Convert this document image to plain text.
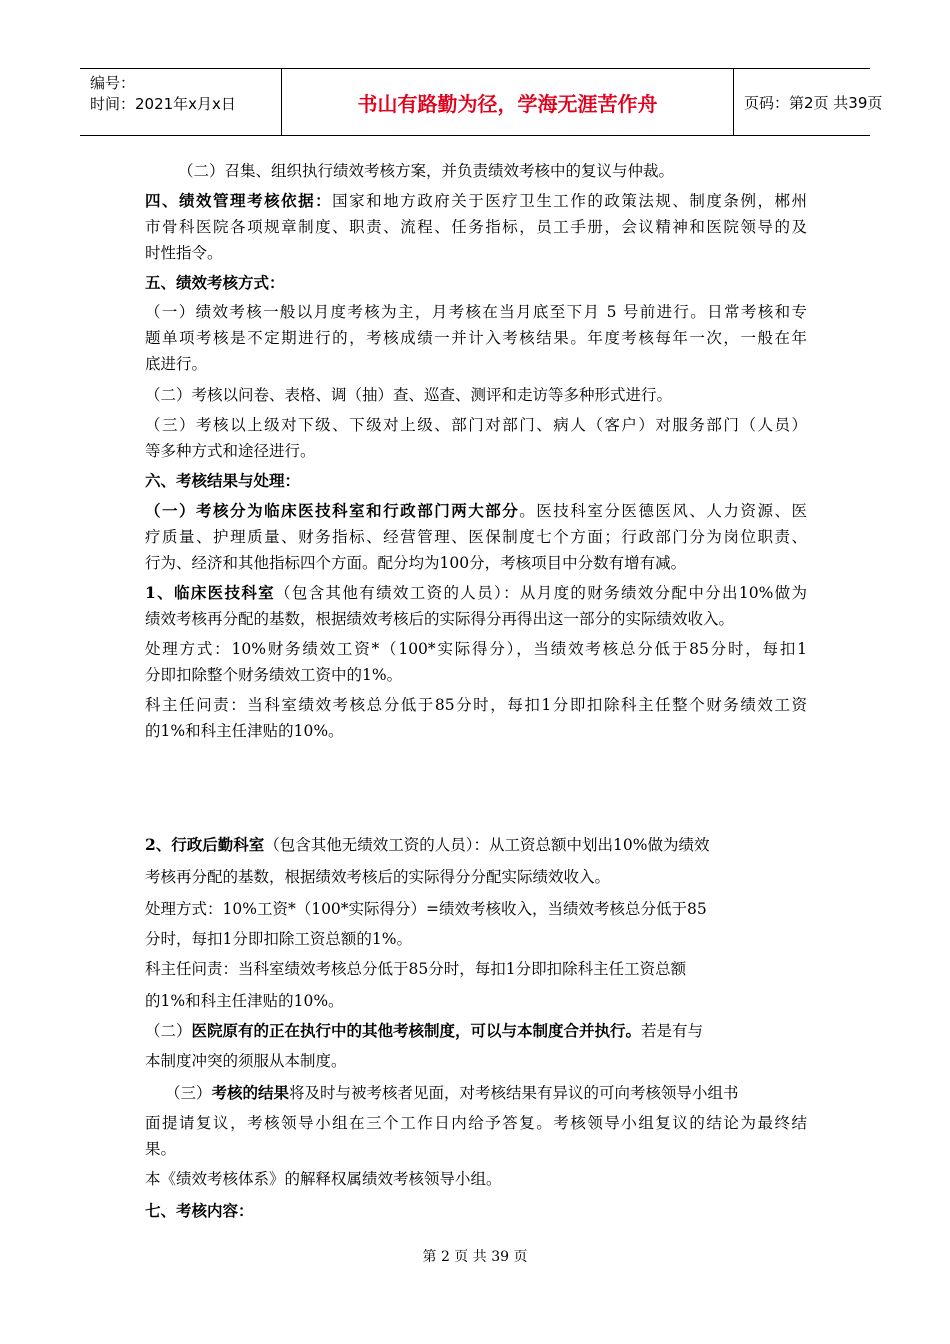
编号：
时间：2021年x月x日	书山有路勤为径，学海无涯苦作舟	页码：第2页 共39页
（二）召集、组织执行绩效考核方案，并负责绩效考核中的复议与仲裁。
四、绩效管理考核依据：国家和地方政府关于医疗卫生工作的政策法规、制度条例，郴州
市骨科医院各项规章制度、职责、流程、任务指标，员工手册，会议精神和医院领导的及
时性指令。
五、绩效考核方式：
（一）绩效考核一般以月度考核为主，月考核在当月底至下月 5 号前进行。日常考核和专
题单项考核是不定期进行的，考核成绩一并计入考核结果。年度考核每年一次，一般在年
底进行。
（二）考核以问卷、表格、调（抽）查、巡查、测评和走访等多种形式进行。
（三）考核以上级对下级、下级对上级、部门对部门、病人（客户）对服务部门（人员）
等多种方式和途径进行。
六、考核结果与处理：
（一）考核分为临床医技科室和行政部门两大部分。医技科室分医德医风、人力资源、医
疗质量、护理质量、财务指标、经营管理、医保制度七个方面；行政部门分为岗位职责、
行为、经济和其他指标四个方面。配分均为100分，考核项目中分数有增有减。
1、临床医技科室（包含其他有绩效工资的人员）：从月度的财务绩效分配中分出10%做为
绩效考核再分配的基数，根据绩效考核后的实际得分再得出这一部分的实际绩效收入。
处理方式：10%财务绩效工资*（100*实际得分），当绩效考核总分低于85分时，每扣1
分即扣除整个财务绩效工资中的1%。
科主任问责：当科室绩效考核总分低于85分时，每扣1分即扣除科主任整个财务绩效工资
的1%和科主任津贴的10%。
2、行政后勤科室（包含其他无绩效工资的人员）：从工资总额中划出10%做为绩效
考核再分配的基数，根据绩效考核后的实际得分分配实际绩效收入。
处理方式：10%工资*（100*实际得分）=绩效考核收入，当绩效考核总分低于85
分时，每扣1分即扣除工资总额的1%。
科主任问责：当科室绩效考核总分低于85分时，每扣1分即扣除科主任工资总额
的1%和科主任津贴的10%。
（二）医院原有的正在执行中的其他考核制度，可以与本制度合并执行。若是有与
本制度冲突的须服从本制度。
（三）考核的结果将及时与被考核者见面，对考核结果有异议的可向考核领导小组书
面提请复议，考核领导小组在三个工作日内给予答复。考核领导小组复议的结论为最终结
果。
本《绩效考核体系》的解释权属绩效考核领导小组。
七、考核内容：
第 2 页 共 39 页
